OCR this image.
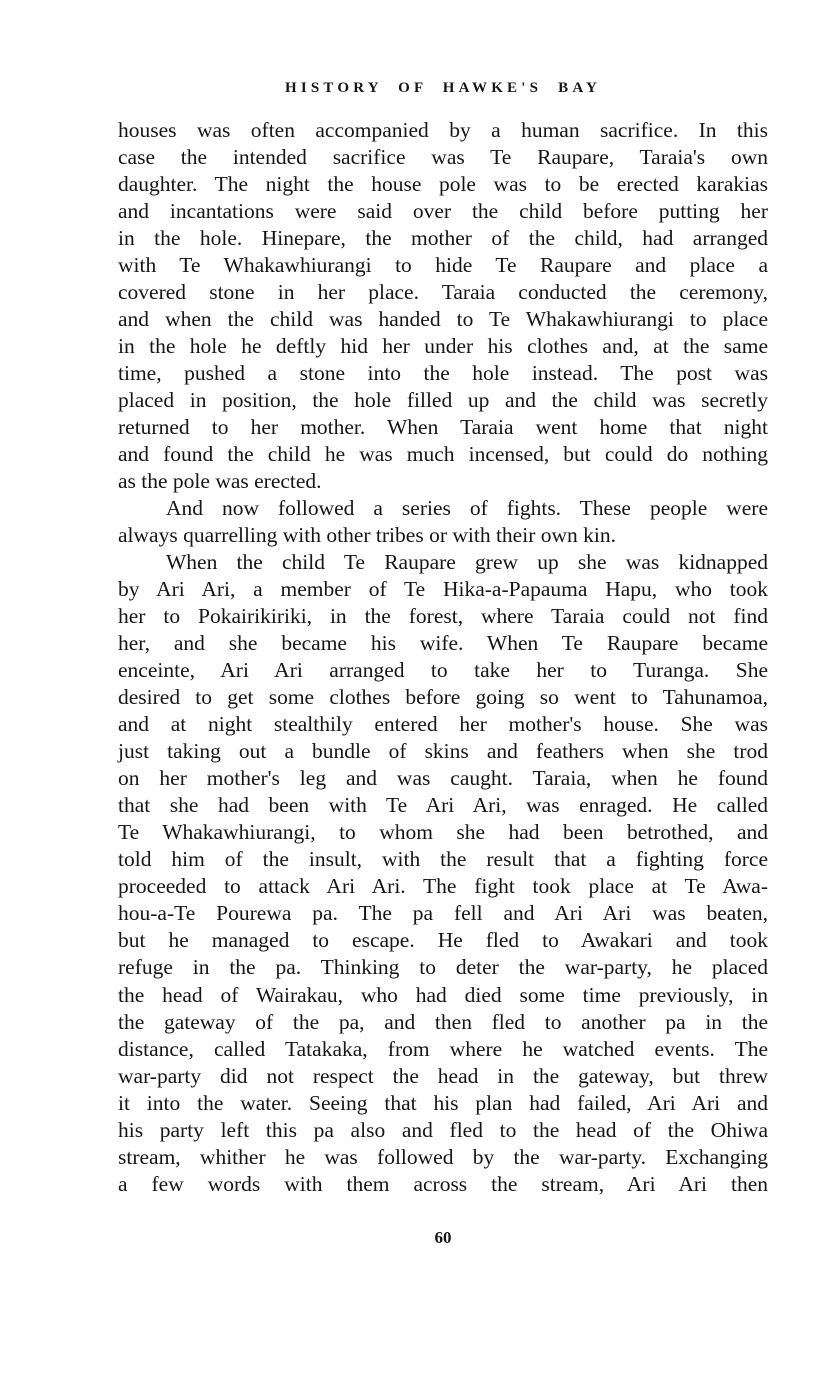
HISTORY OF HAWKE'S BAY
houses was often accompanied by a human sacrifice. In this
case the intended sacrifice was Te Raupare, Taraia's own
daughter. The night the house pole was to be erected karakias
and incantations were said over the child before putting her
in the hole. Hinepare, the mother of the child, had arranged
with Te Whakawhiurangi to hide Te Raupare and place a
covered stone in her place. Taraia conducted the ceremony,
and when the child was handed to Te Whakawhiurangi to place
in the hole he deftly hid her under his clothes and, at the same
time, pushed a stone into the hole instead. The post was
placed in position, the hole filled up and the child was secretly
returned to her mother. When Taraia went home that night
and found the child he was much incensed, but could do nothing
as the pole was erected.
And now followed a series of fights. These people were
always quarrelling with other tribes or with their own kin.
When the child Te Raupare grew up she was kidnapped
by Ari Ari, a member of Te Hika-a-Papauma Hapu, who took
her to Pokairikiriki, in the forest, where Taraia could not find
her, and she became his wife. When Te Raupare became
enceinte, Ari Ari arranged to take her to Turanga. She
desired to get some clothes before going so went to Tahunamoa,
and at night stealthily entered her mother's house. She was
just taking out a bundle of skins and feathers when she trod
on her mother's leg and was caught. Taraia, when he found
that she had been with Te Ari Ari, was enraged. He called
Te Whakawhiurangi, to whom she had been betrothed, and
told him of the insult, with the result that a fighting force
proceeded to attack Ari Ari. The fight took place at Te Awa-
hou-a-Te Pourewa pa. The pa fell and Ari Ari was beaten,
but he managed to escape. He fled to Awakari and took
refuge in the pa. Thinking to deter the war-party, he placed
the head of Wairakau, who had died some time previously, in
the gateway of the pa, and then fled to another pa in the
distance, called Tatakaka, from where he watched events. The
war-party did not respect the head in the gateway, but threw
it into the water. Seeing that his plan had failed, Ari Ari and
his party left this pa also and fled to the head of the Ohiwa
stream, whither he was followed by the war-party. Exchanging
a few words with them across the stream, Ari Ari then
60
